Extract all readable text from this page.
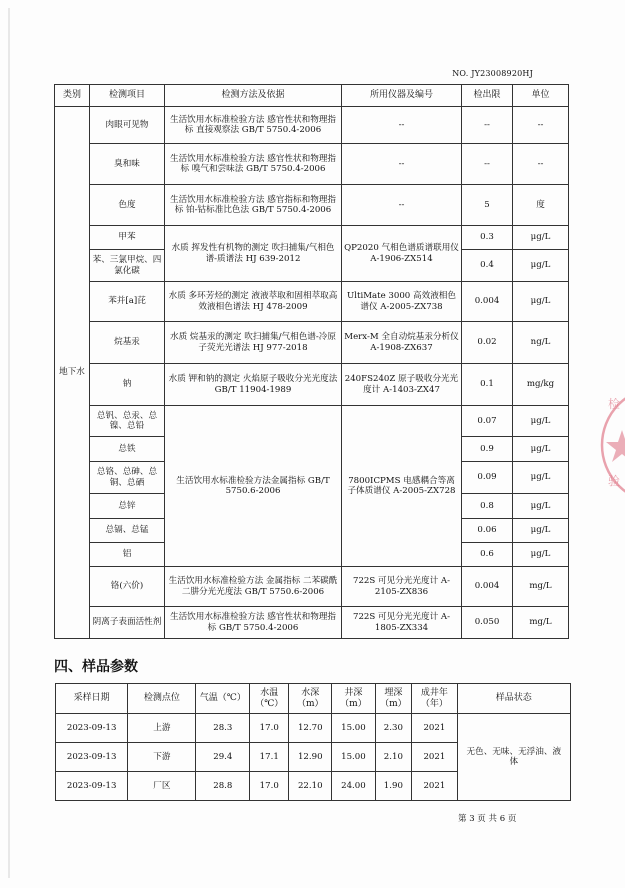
NO. JY23008920HJ
类别	检测项目	检测方法及依据	所用仪器及编号	检出限	单位
地下水	肉眼可见物	生活饮用水标准检验方法 感官性状和物理指标 直接观察法 GB/T 5750.4-2006	--	--	--
	臭和味	生活饮用水标准检验方法 感官性状和物理指标 嗅气和尝味法 GB/T 5750.4-2006	--	--	--
	色度	生活饮用水标准检验方法 感官指标和物理指标 铂-钴标准比色法 GB/T 5750.4-2006	--	5	度
	甲苯	水质 挥发性有机物的测定 吹扫捕集/气相色谱-质谱法 HJ 639-2012	QP2020 气相色谱质谱联用仪 A-1906-ZX514	0.3	μg/L
	苯、三氯甲烷、四氯化碳			0.4	μg/L
	苯并[a]芘	水质 多环芳烃的测定 液液萃取和固相萃取高效液相色谱法 HJ 478-2009	UltiMate 3000 高效液相色谱仪 A-2005-ZX738	0.004	μg/L
	烷基汞	水质 烷基汞的测定 吹扫捕集/气相色谱-冷原子荧光光谱法 HJ 977-2018	Merx-M 全自动烷基汞分析仪 A-1908-ZX637	0.02	ng/L
	钠	水质 钾和钠的测定 火焰原子吸收分光光度法 GB/T 11904-1989	240FS240Z 原子吸收分光光度计 A-1403-ZX47	0.1	mg/kg
	总钒、总汞、总镍、总铅	生活饮用水标准检验方法金属指标 GB/T 5750.6-2006	7800ICPMS 电感耦合等离子体质谱仪 A-2005-ZX728	0.07	μg/L
	总铁			0.9	μg/L
	总铬、总砷、总铜、总硒			0.09	μg/L
	总锌			0.8	μg/L
	总镉、总锰			0.06	μg/L
	铝			0.6	μg/L
	铬(六价)	生活饮用水标准检验方法 金属指标 二苯碳酰二肼分光光度法 GB/T 5750.6-2006	722S 可见分光光度计 A-2105-ZX836	0.004	mg/L
	阴离子表面活性剂	生活饮用水标准检验方法 感官性状和物理指标 GB/T 5750.4-2006	722S 可见分光光度计 A-1805-ZX334	0.050	mg/L
四、样品参数
采样日期	检测点位	气温（℃）	水温（℃）	水深（m）	井深（m）	埋深（m）	成井年（年）	样品状态
2023-09-13	上游	28.3	17.0	12.70	15.00	2.30	2021	无色、无味、无浮油、液体
2023-09-13	下游	29.4	17.1	12.90	15.00	2.10	2021	
2023-09-13	厂区	28.8	17.0	22.10	24.00	1.90	2021	
第 3 页 共 6 页
检
验
